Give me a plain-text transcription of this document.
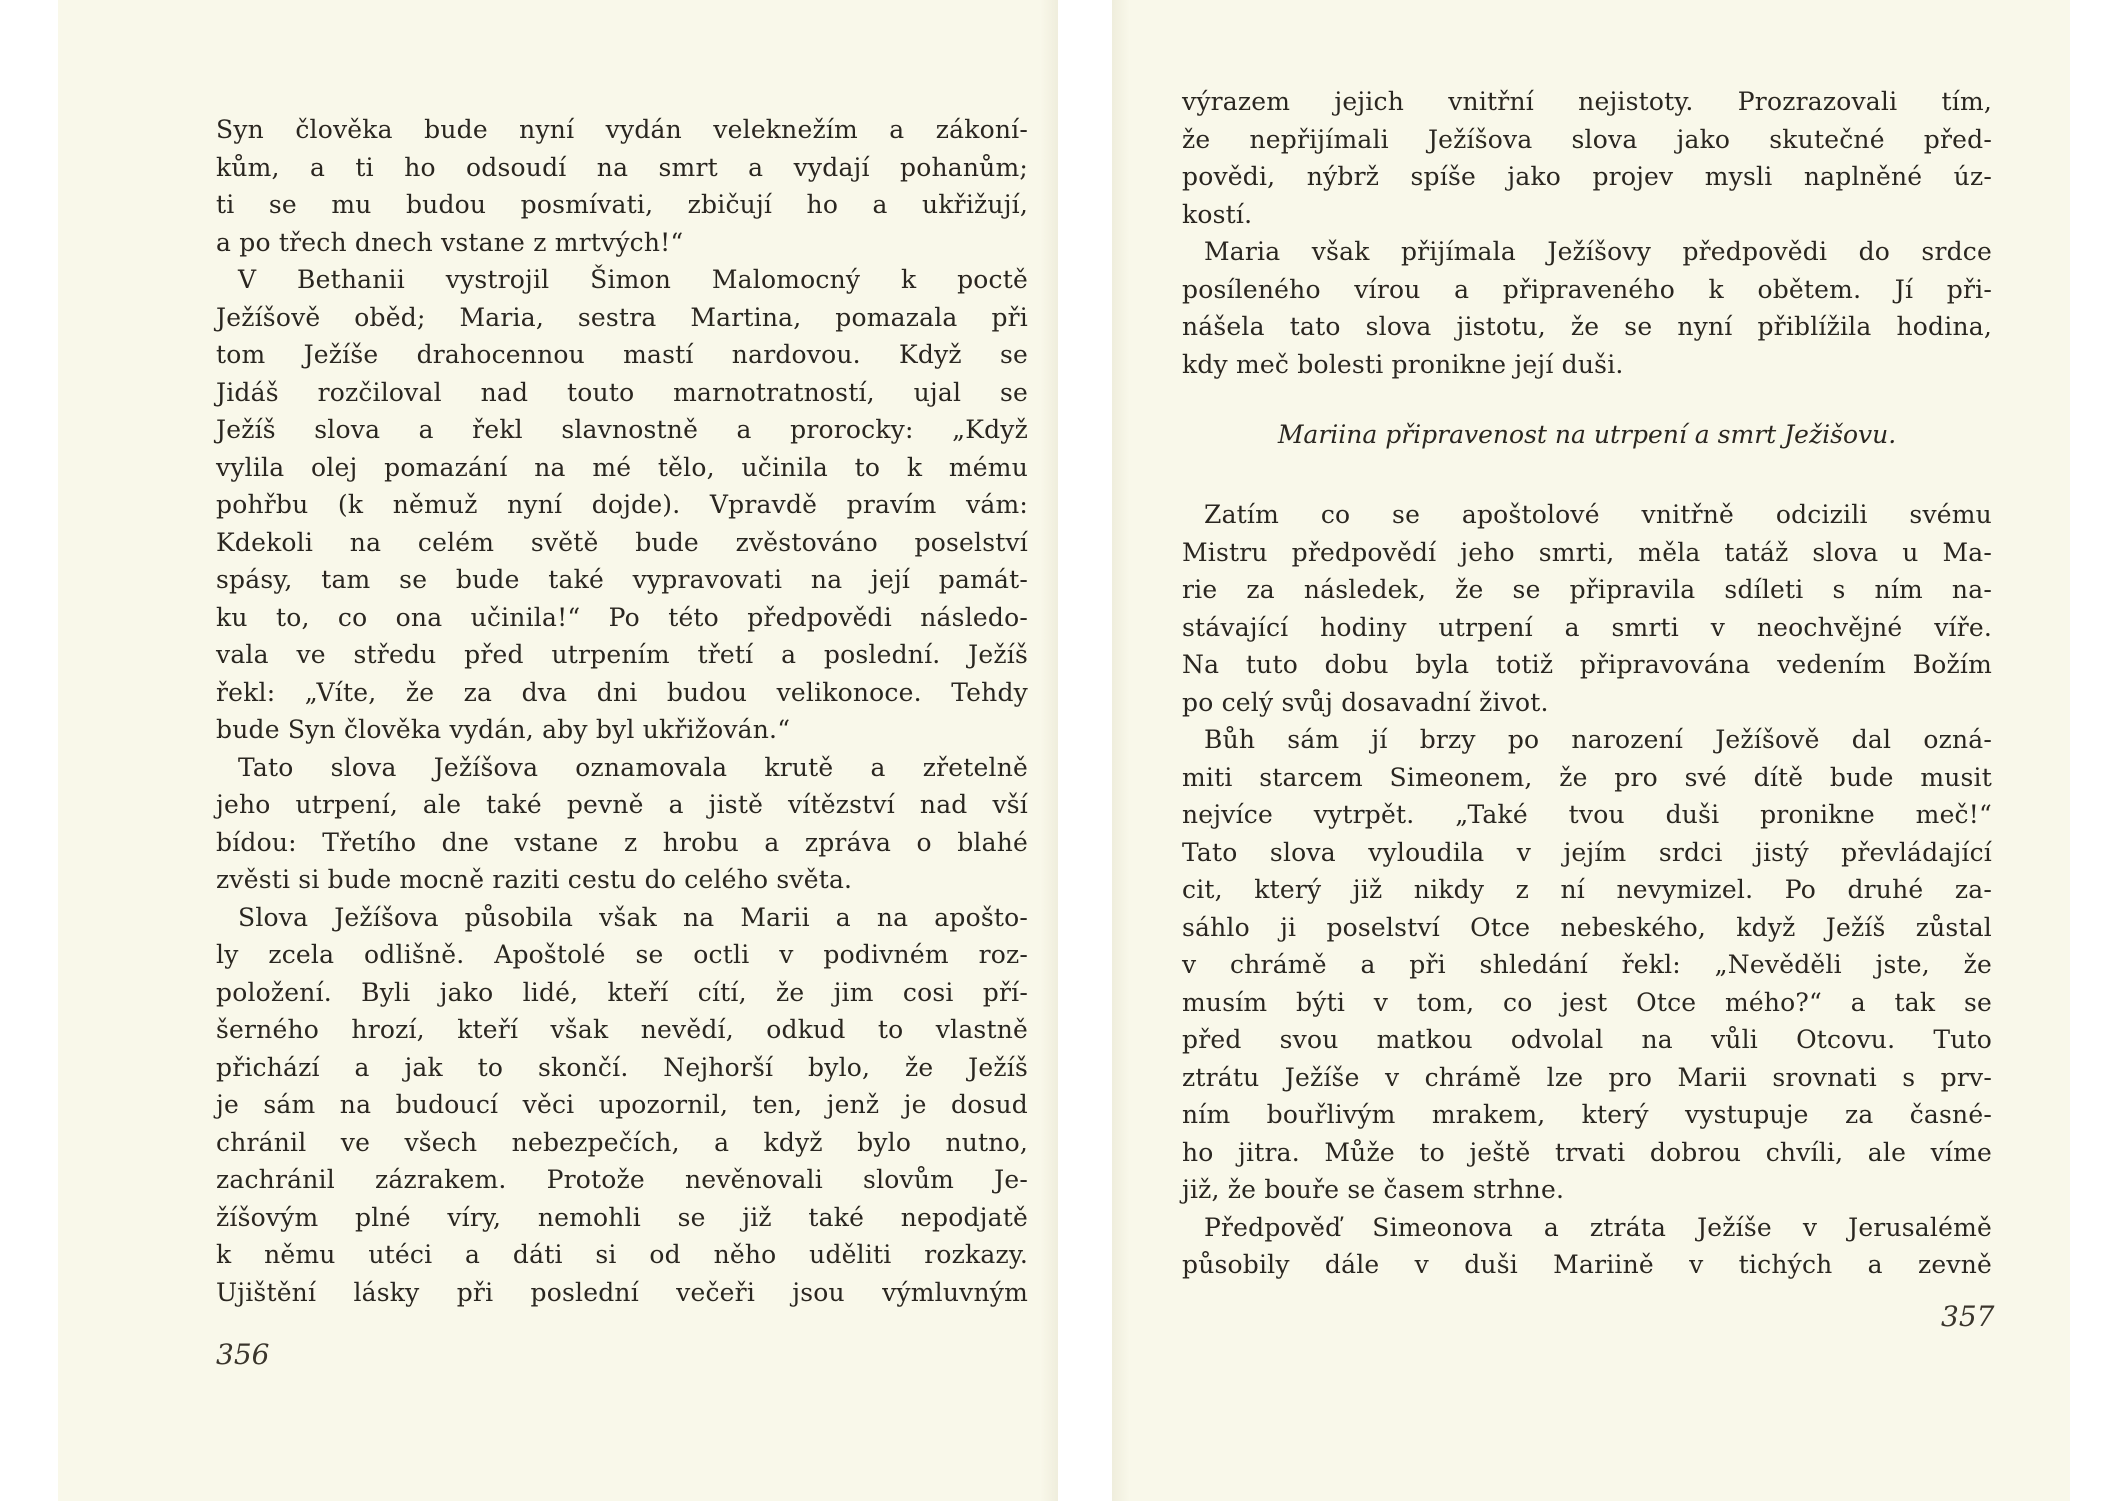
Syn člověka bude nyní vydán veleknežím a zákoní-
kům, a ti ho odsoudí na smrt a vydají pohanům;
ti se mu budou posmívati, zbičují ho a ukřižují,
a po třech dnech vstane z mrtvých!“
V Bethanii vystrojil Šimon Malomocný k poctě
Ježíšově oběd; Maria, sestra Martina, pomazala při
tom Ježíše drahocennou mastí nardovou. Když se
Jidáš rozčiloval nad touto marnotratností, ujal se
Ježíš slova a řekl slavnostně a prorocky: „Když
vylila olej pomazání na mé tělo, učinila to k mému
pohřbu (k němuž nyní dojde). Vpravdě pravím vám:
Kdekoli na celém světě bude zvěstováno poselství
spásy, tam se bude také vypravovati na její památ-
ku to, co ona učinila!“ Po této předpovědi následo-
vala ve středu před utrpením třetí a poslední. Ježíš
řekl: „Víte, že za dva dni budou velikonoce. Tehdy
bude Syn člověka vydán, aby byl ukřižován.“
Tato slova Ježíšova oznamovala krutě a zřetelně
jeho utrpení, ale také pevně a jistě vítězství nad vší
bídou: Třetího dne vstane z hrobu a zpráva o blahé
zvěsti si bude mocně raziti cestu do celého světa.
Slova Ježíšova působila však na Marii a na apošto-
ly zcela odlišně. Apoštolé se octli v podivném roz-
položení. Byli jako lidé, kteří cítí, že jim cosi pří-
šerného hrozí, kteří však nevědí, odkud to vlastně
přichází a jak to skončí. Nejhorší bylo, že Ježíš
je sám na budoucí věci upozornil, ten, jenž je dosud
chránil ve všech nebezpečích, a když bylo nutno,
zachránil zázrakem. Protože nevěnovali slovům Je-
žíšovým plné víry, nemohli se již také nepodjatě
k němu utéci a dáti si od něho uděliti rozkazy.
Ujištění lásky při poslední večeři jsou výmluvným
356
výrazem jejich vnitřní nejistoty. Prozrazovali tím,
že nepřijímali Ježíšova slova jako skutečné před-
povědi, nýbrž spíše jako projev mysli naplněné úz-
kostí.
Maria však přijímala Ježíšovy předpovědi do srdce
posíleného vírou a připraveného k obětem. Jí při-
nášela tato slova jistotu, že se nyní přiblížila hodina,
kdy meč bolesti pronikne její duši.
Mariina připravenost na utrpení a smrt Ježišovu.
Zatím co se apoštolové vnitřně odcizili svému
Mistru předpovědí jeho smrti, měla tatáž slova u Ma-
rie za následek, že se připravila sdíleti s ním na-
stávající hodiny utrpení a smrti v neochvějné víře.
Na tuto dobu byla totiž připravována vedením Božím
po celý svůj dosavadní život.
Bůh sám jí brzy po narození Ježíšově dal ozná-
miti starcem Simeonem, že pro své dítě bude musit
nejvíce vytrpět. „Také tvou duši pronikne meč!“
Tato slova vyloudila v jejím srdci jistý převládající
cit, který již nikdy z ní nevymizel. Po druhé za-
sáhlo ji poselství Otce nebeského, když Ježíš zůstal
v chrámě a při shledání řekl: „Nevěděli jste, že
musím býti v tom, co jest Otce mého?“ a tak se
před svou matkou odvolal na vůli Otcovu. Tuto
ztrátu Ježíše v chrámě lze pro Marii srovnati s prv-
ním bouřlivým mrakem, který vystupuje za časné-
ho jitra. Může to ještě trvati dobrou chvíli, ale víme
již, že bouře se časem strhne.
Předpověď Simeonova a ztráta Ježíše v Jerusalémě
působily dále v duši Mariině v tichých a zevně
357
